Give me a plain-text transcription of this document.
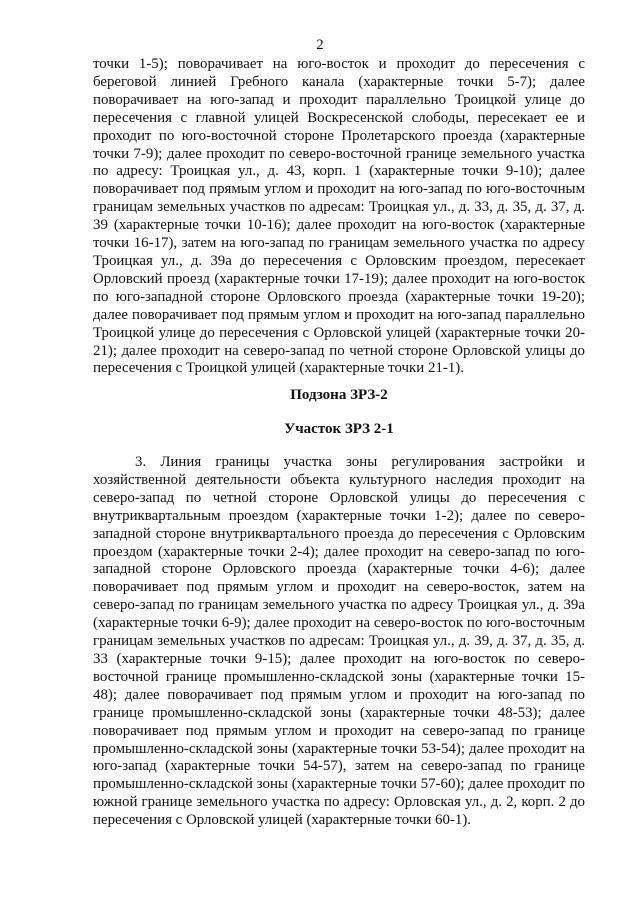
2

точки 1-5); поворачивает на юго-восток и проходит до пересечения с береговой линией Гребного канала (характерные точки 5-7); далее поворачивает на юго-запад и проходит параллельно Троицкой улице до пересечения с главной улицей Воскресенской слободы, пересекает ее и проходит по юго-восточной стороне Пролетарского проезда (характерные точки 7-9); далее проходит по северо-восточной границе земельного участка по адресу: Троицкая ул., д. 43, корп. 1 (характерные точки 9-10); далее поворачивает под прямым углом и проходит на юго-запад по юго-восточным границам земельных участков по адресам: Троицкая ул., д. 33, д. 35, д. 37, д. 39 (характерные точки 10-16); далее проходит на юго-восток (характерные точки 16-17), затем на юго-запад по границам земельного участка по адресу Троицкая ул., д. 39а до пересечения с Орловским проездом, пересекает Орловский проезд (характерные точки 17-19); далее проходит на юго-восток по юго-западной стороне Орловского проезда (характерные точки 19-20); далее поворачивает под прямым углом и проходит на юго-запад параллельно Троицкой улице до пересечения с Орловской улицей (характерные точки 20-21); далее проходит на северо-запад по четной стороне Орловской улицы до пересечения с Троицкой улицей (характерные точки 21-1).

Подзона ЗРЗ-2
Участок ЗРЗ 2-1

3. Линия границы участка зоны регулирования застройки и хозяйственной деятельности объекта культурного наследия проходит на северо-запад по четной стороне Орловской улицы до пересечения с внутриквартальным проездом (характерные точки 1-2); далее по северо-западной стороне внутриквартального проезда до пересечения с Орловским проездом (характерные точки 2-4); далее проходит на северо-запад по юго-западной стороне Орловского проезда (характерные точки 4-6); далее поворачивает под прямым углом и проходит на северо-восток, затем на северо-запад по границам земельного участка по адресу Троицкая ул., д. 39а (характерные точки 6-9); далее проходит на северо-восток по юго-восточным границам земельных участков по адресам: Троицкая ул., д. 39, д. 37, д. 35, д. 33 (характерные точки 9-15); далее проходит на юго-восток по северо-восточной границе промышленно-складской зоны (характерные точки 15-48); далее поворачивает под прямым углом и проходит на юго-запад по границе промышленно-складской зоны (характерные точки 48-53); далее поворачивает под прямым углом и проходит на северо-запад по границе промышленно-складской зоны (характерные точки 53-54); далее проходит на юго-запад (характерные точки 54-57), затем на северо-запад по границе промышленно-складской зоны (характерные точки 57-60); далее проходит по южной границе земельного участка по адресу: Орловская ул., д. 2, корп. 2 до пересечения с Орловской улицей (характерные точки 60-1).
